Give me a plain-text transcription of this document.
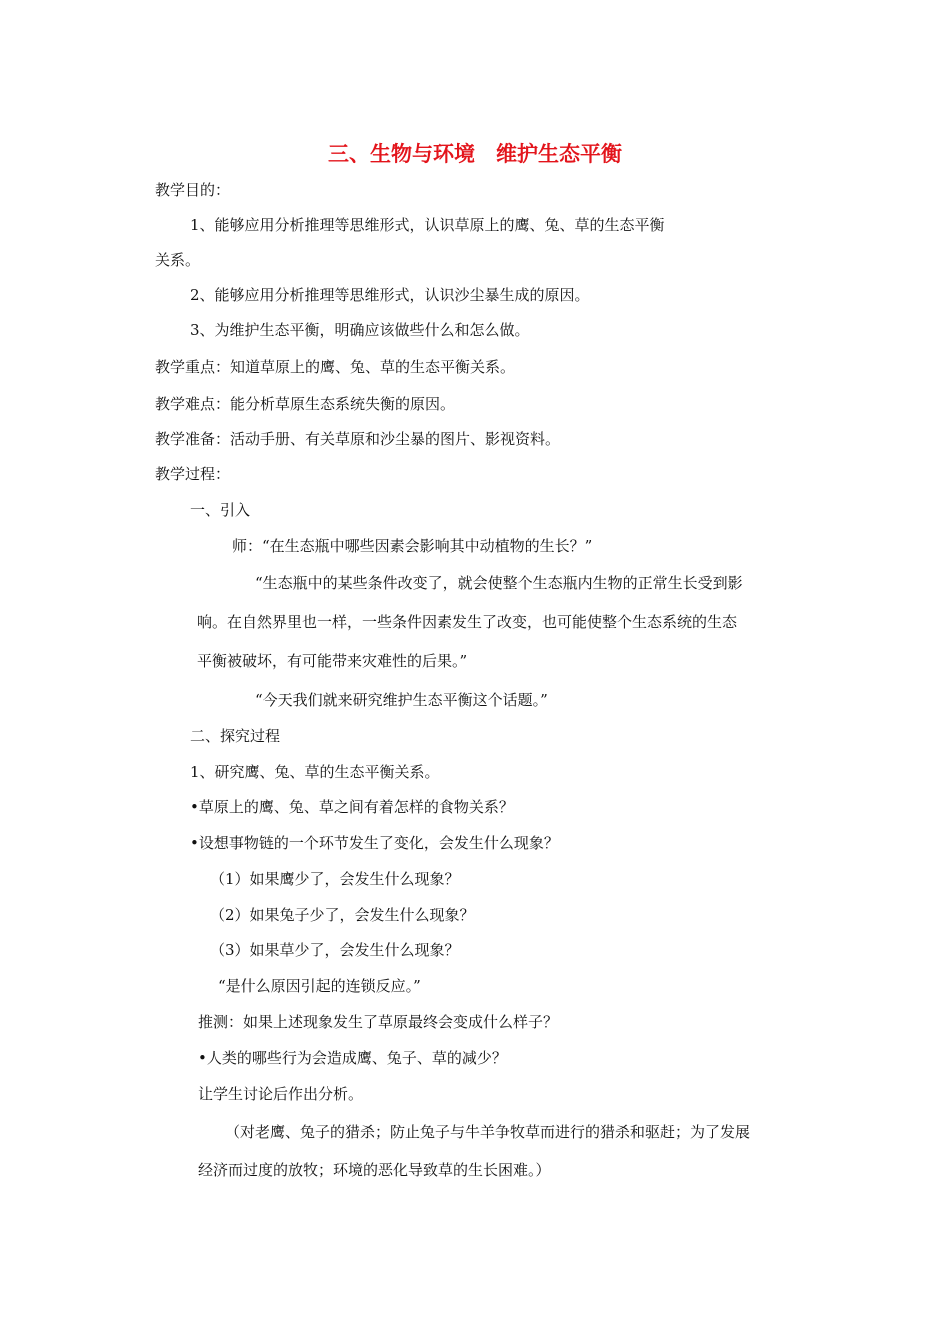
三、生物与环境　维护生态平衡
教学目的：
1、能够应用分析推理等思维形式，认识草原上的鹰、兔、草的生态平衡
关系。
2、能够应用分析推理等思维形式，认识沙尘暴生成的原因。
3、为维护生态平衡，明确应该做些什么和怎么做。
教学重点：知道草原上的鹰、兔、草的生态平衡关系。
教学难点：能分析草原生态系统失衡的原因。
教学准备：活动手册、有关草原和沙尘暴的图片、影视资料。
教学过程：
一、引入
师：“在生态瓶中哪些因素会影响其中动植物的生长？”
“生态瓶中的某些条件改变了，就会使整个生态瓶内生物的正常生长受到影
响。在自然界里也一样，一些条件因素发生了改变，也可能使整个生态系统的生态
平衡被破坏，有可能带来灾难性的后果。”
“今天我们就来研究维护生态平衡这个话题。”
二、探究过程
1、研究鹰、兔、草的生态平衡关系。
•草原上的鹰、兔、草之间有着怎样的食物关系？
•设想事物链的一个环节发生了变化，会发生什么现象？
（1）如果鹰少了，会发生什么现象？
（2）如果兔子少了，会发生什么现象？
（3）如果草少了，会发生什么现象？
“是什么原因引起的连锁反应。”
推测：如果上述现象发生了草原最终会变成什么样子？
•人类的哪些行为会造成鹰、兔子、草的减少？
让学生讨论后作出分析。
（对老鹰、兔子的猎杀；防止兔子与牛羊争牧草而进行的猎杀和驱赶；为了发展
经济而过度的放牧；环境的恶化导致草的生长困难。）
